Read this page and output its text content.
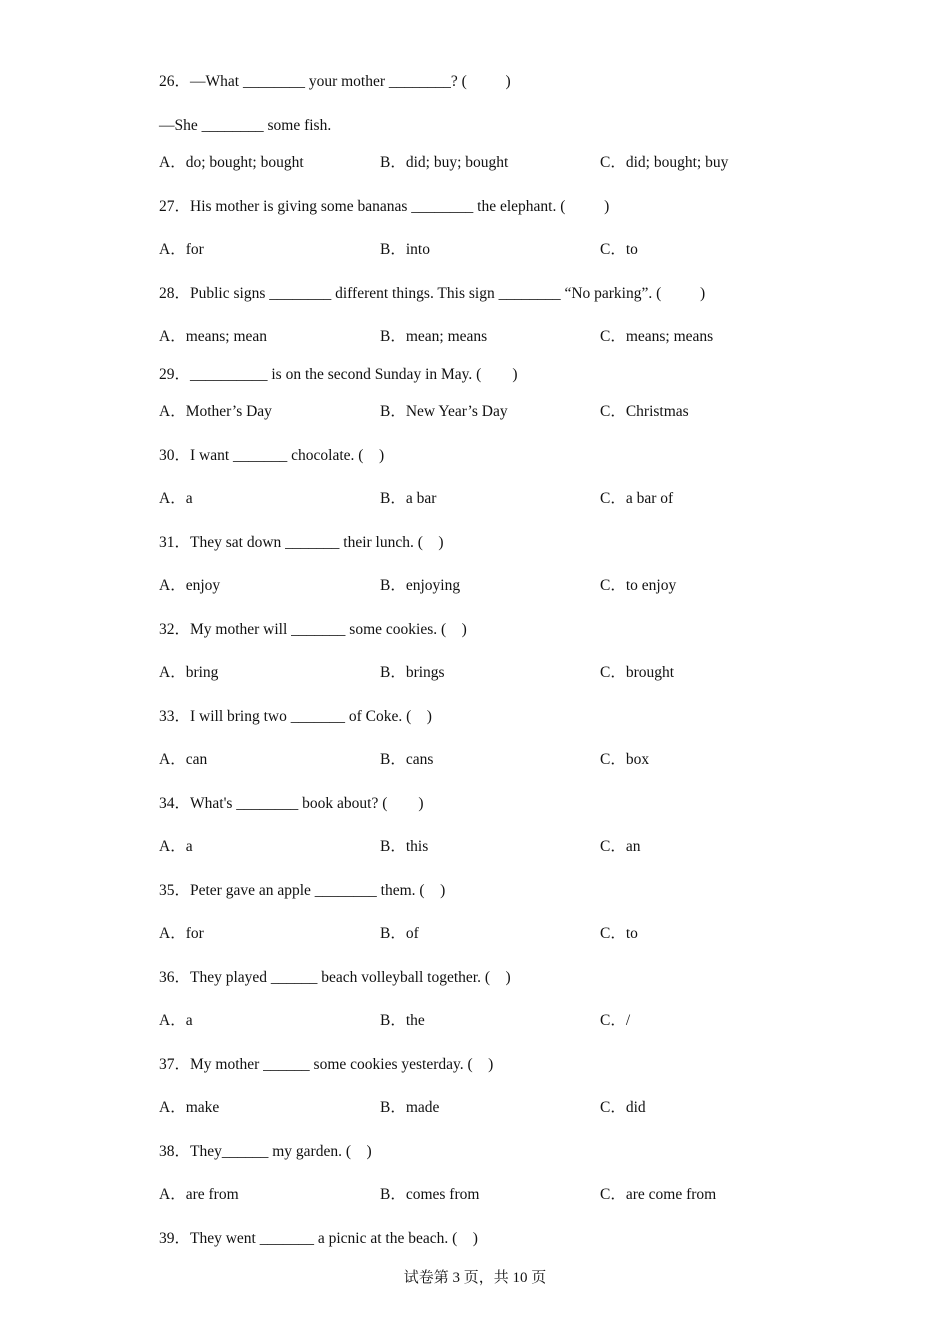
26．—What ________ your mother ________? (          )
—She ________ some fish.

A．do; bought; bought

	B．did; buy; bought

	C．did; bought; buy

27．His mother is giving some bananas ________ the elephant. (          )

A．for

	B．into

	C．to

28．Public signs ________ different things. This sign ________ “No parking”. (          )

A．means; mean

	B．mean; means

	C．means; means

29．__________ is on the second Sunday in May. (        )

A．Mother’s Day

	B．New Year’s Day

	C．Christmas

30．I want _______ chocolate. (    )

A．a

	B．a bar

	C．a bar of

31．They sat down _______ their lunch. (    )

A．enjoy

	B．enjoying

	C．to enjoy

32．My mother will _______ some cookies. (    )

A．bring

	B．brings

	C．brought

33．I will bring two _______ of Coke. (    )

A．can

	B．cans

	C．box

34．What's ________ book about? (        )

A．a

	B．this

	C．an

35．Peter gave an apple ________ them. (    )

A．for

	B．of

	C．to

36．They played ______ beach volleyball together. (    )

A．a

	B．the

	C．/

37．My mother ______ some cookies yesterday. (    )

A．make

	B．made

	C．did

38．They______ my garden. (    )

A．are from

	B．comes from

	C．are come from

39．They went _______ a picnic at the beach. (    )
试卷第 3 页，共 10 页
